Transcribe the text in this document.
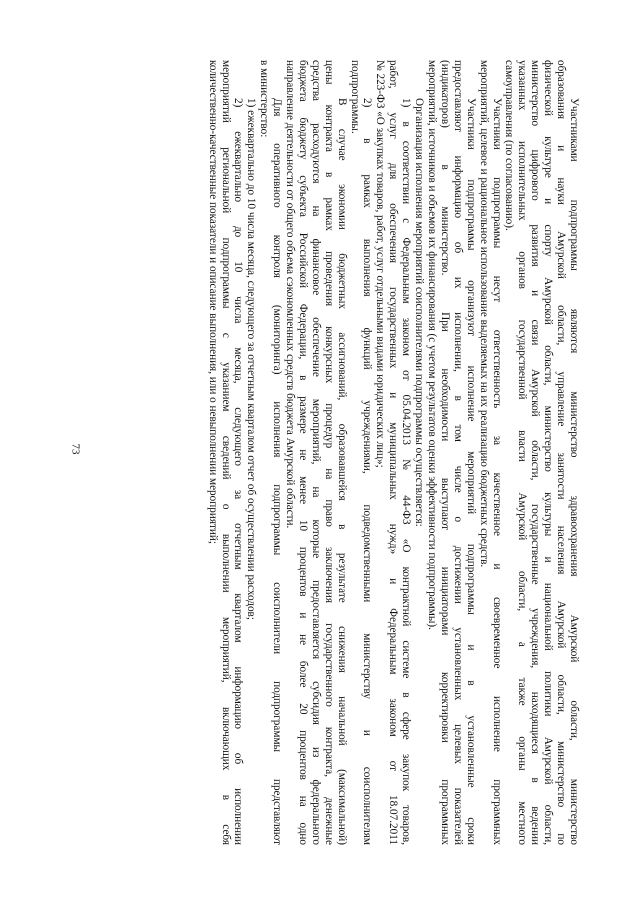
73	Участниками подпрограммы являются министерство здравоохранения Амурской области, министерство
образования и науки Амурской области, управление занятости населения Амурской области, министерство по
физической культуре и спорту Амурской области, министерство культуры и национальной политики Амурской области,
министерство цифрового развития и связи Амурской области, государственные учреждения, находящиеся в ведении
указанных исполнительных органов государственной власти Амурской области, а также органы местного
самоуправления (по согласованию).
Участники подпрограммы несут ответственность за качественное и своевременное исполнение программных
мероприятий, целевое и рациональное использование выделяемых на их реализацию бюджетных средств.
Участники подпрограммы организуют исполнение мероприятий подпрограммы и в установленные сроки
предоставляют информацию об их исполнении, в том числе о достижении установленных целевых показателей
(индикаторов) в министерство. При необходимости выступают инициаторами корректировки программных
мероприятий, источников и объемов их финансирования (с учетом результатов оценки эффективности подпрограммы).
Организация исполнения мероприятий соисполнителями подпрограммы осуществляется:
1) в соответствии с Федеральным законом от 05.04.2013 № 44-ФЗ «О контрактной системе в сфере закупок товаров,
работ, услуг для обеспечения государственных и муниципальных нужд» и Федеральным законом от 18.07.2011
№ 223-ФЗ «О закупках товаров, работ, услуг отдельными видами юридических лиц»;
2) в рамках выполнения функций учреждениями, подведомственными министерству и соисполнителям
подпрограммы.
В случае экономии бюджетных ассигнований, образовавшейся в результате снижения начальной (максимальной)
цены контракта в рамках проведения конкурсных процедур на право заключения государственного контракта, денежные
средства расходуются на финансовое обеспечение мероприятий, на которые предоставляется субсидия из федерального
бюджета бюджету субъекта Российской Федерации, в размере не менее 10 процентов и не более 20 процентов на одно
направление деятельности от общего объема сэкономленных средств бюджета Амурской области.
Для оперативного контроля (мониторинга) исполнения подпрограммы соисполнители подпрограммы представляют
в министерство:
1) ежеквартально до 10 числа месяца, следующего за отчетным кварталом отчет об осуществлении расходов;
2) ежеквартально до 10 числа месяца, следующего за отчетным кварталом информацию об исполнении
мероприятий региональной подпрограммы с указанием сведений о выполнении мероприятий, включающих в себя
количественно-качественные показатели и описание выполнения, или о невыполнении мероприятий;
